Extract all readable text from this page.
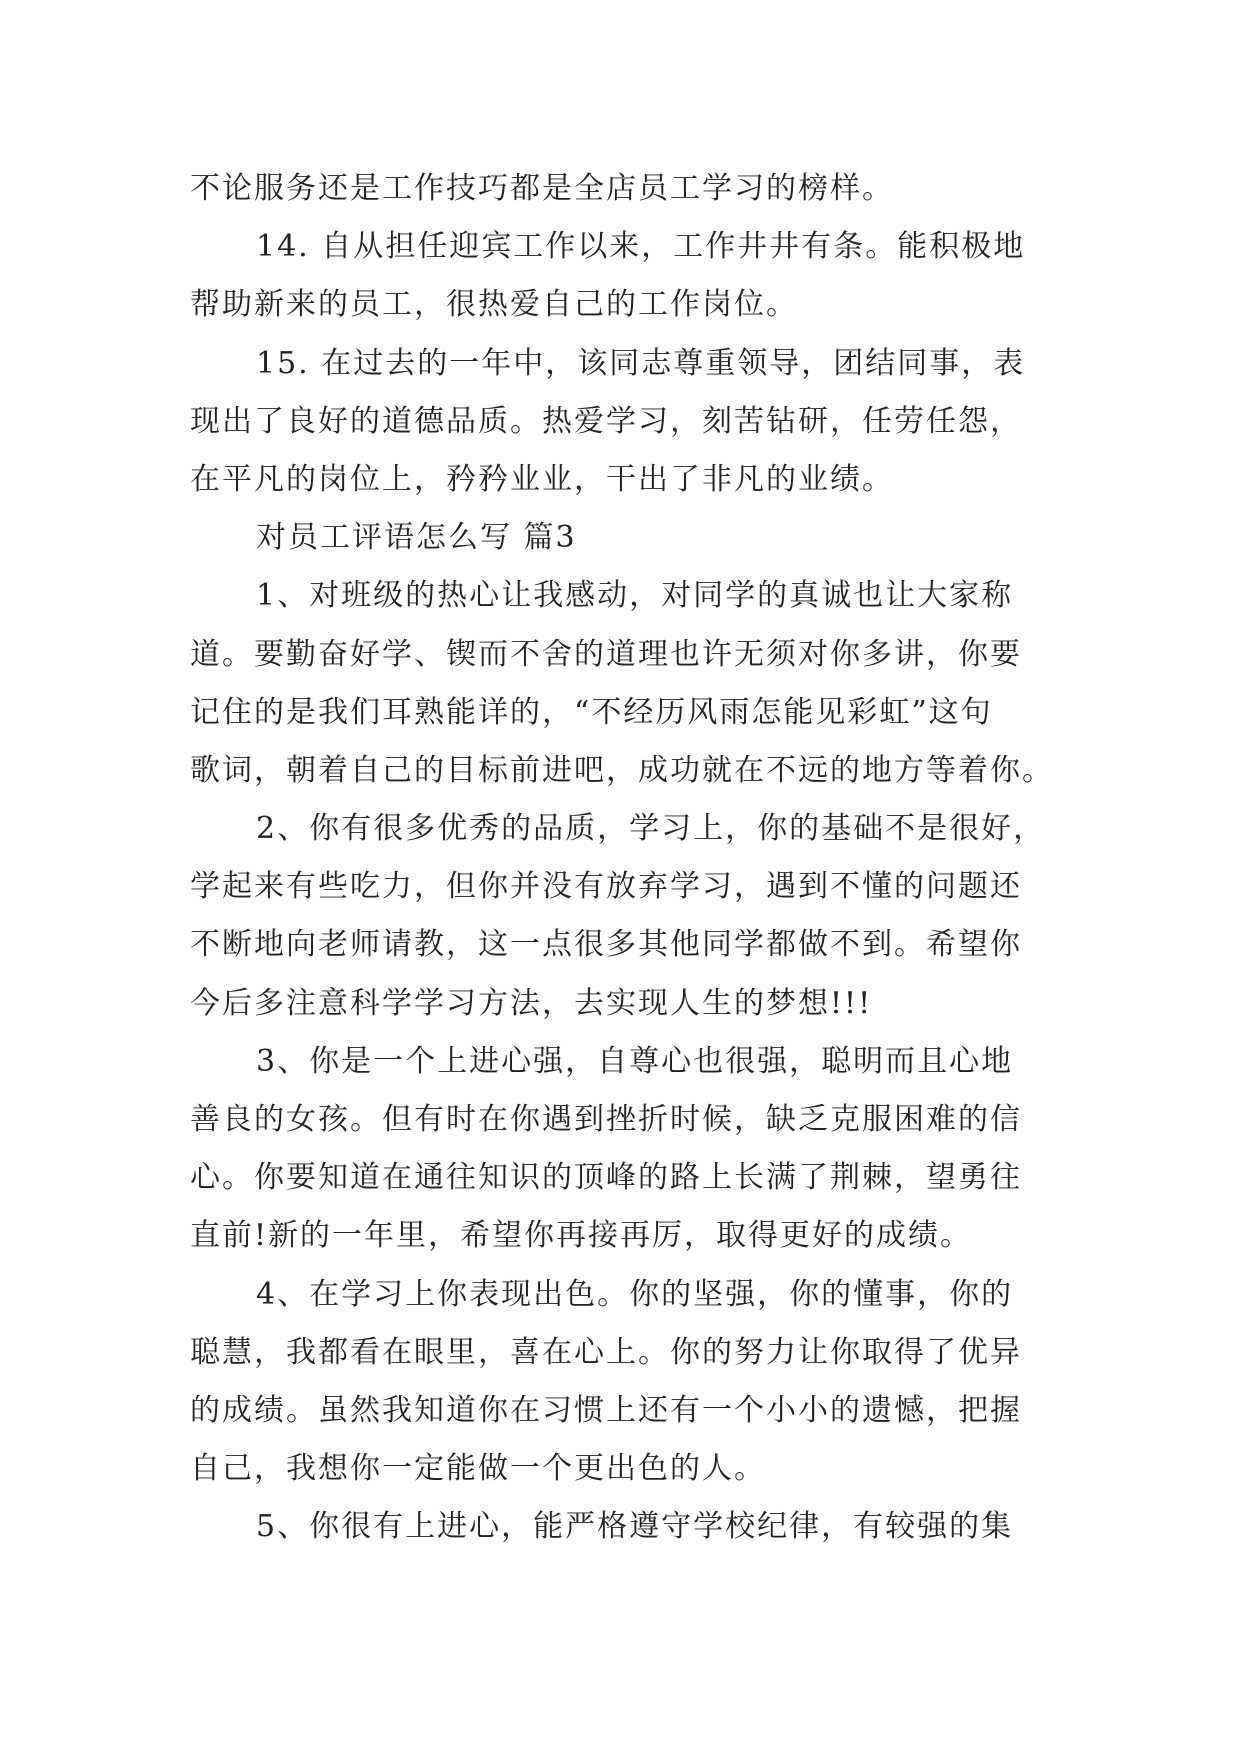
不论服务还是工作技巧都是全店员工学习的榜样。
14. 自从担任迎宾工作以来，工作井井有条。能积极地
帮助新来的员工，很热爱自己的工作岗位。
15. 在过去的一年中，该同志尊重领导，团结同事，表
现出了良好的道德品质。热爱学习，刻苦钻研，任劳任怨，
在平凡的岗位上，矜矜业业，干出了非凡的业绩。
对员工评语怎么写 篇3
1、对班级的热心让我感动，对同学的真诚也让大家称
道。要勤奋好学、锲而不舍的道理也许无须对你多讲，你要
记住的是我们耳熟能详的，“不经历风雨怎能见彩虹”这句
歌词，朝着自己的目标前进吧，成功就在不远的地方等着你。
2、你有很多优秀的品质，学习上，你的基础不是很好，
学起来有些吃力，但你并没有放弃学习，遇到不懂的问题还
不断地向老师请教，这一点很多其他同学都做不到。希望你
今后多注意科学学习方法，去实现人生的梦想!!!
3、你是一个上进心强，自尊心也很强，聪明而且心地
善良的女孩。但有时在你遇到挫折时候，缺乏克服困难的信
心。你要知道在通往知识的顶峰的路上长满了荆棘，望勇往
直前!新的一年里，希望你再接再厉，取得更好的成绩。
4、在学习上你表现出色。你的坚强，你的懂事，你的
聪慧，我都看在眼里，喜在心上。你的努力让你取得了优异
的成绩。虽然我知道你在习惯上还有一个小小的遗憾，把握
自己，我想你一定能做一个更出色的人。
5、你很有上进心，能严格遵守学校纪律，有较强的集
